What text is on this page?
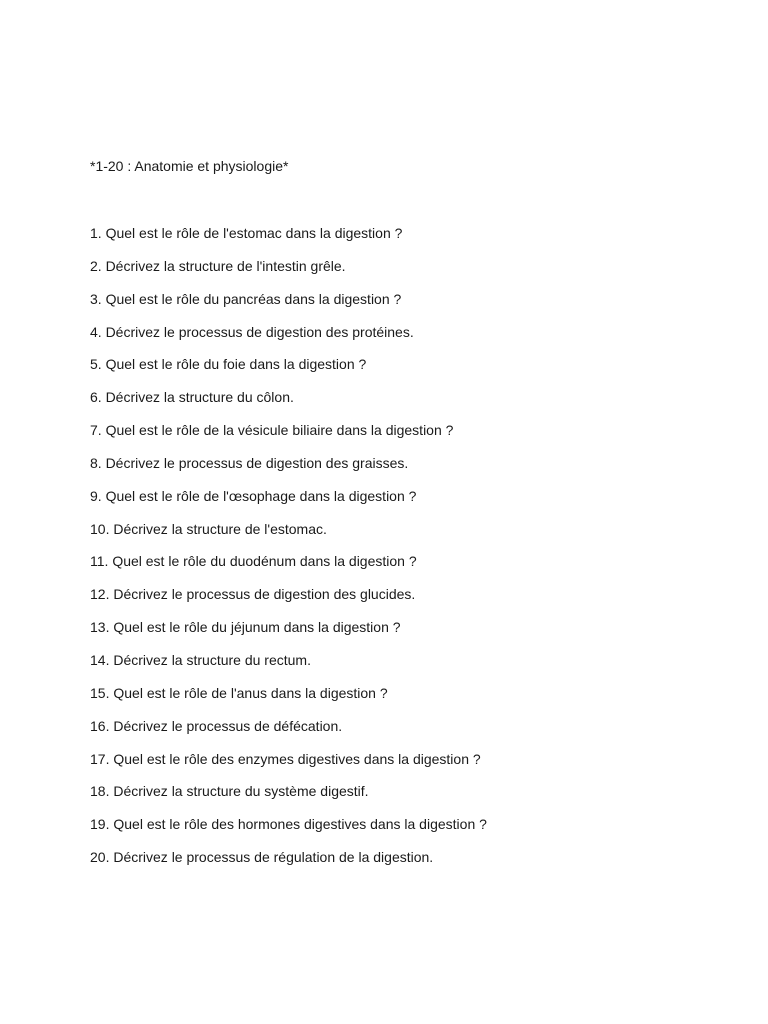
*1-20 : Anatomie et physiologie*

1. Quel est le rôle de l'estomac dans la digestion ?
2. Décrivez la structure de l'intestin grêle.
3. Quel est le rôle du pancréas dans la digestion ?
4. Décrivez le processus de digestion des protéines.
5. Quel est le rôle du foie dans la digestion ?
6. Décrivez la structure du côlon.
7. Quel est le rôle de la vésicule biliaire dans la digestion ?
8. Décrivez le processus de digestion des graisses.
9. Quel est le rôle de l'œsophage dans la digestion ?
10. Décrivez la structure de l'estomac.
11. Quel est le rôle du duodénum dans la digestion ?
12. Décrivez le processus de digestion des glucides.
13. Quel est le rôle du jéjunum dans la digestion ?
14. Décrivez la structure du rectum.
15. Quel est le rôle de l'anus dans la digestion ?
16. Décrivez le processus de défécation.
17. Quel est le rôle des enzymes digestives dans la digestion ?
18. Décrivez la structure du système digestif.
19. Quel est le rôle des hormones digestives dans la digestion ?
20. Décrivez le processus de régulation de la digestion.
